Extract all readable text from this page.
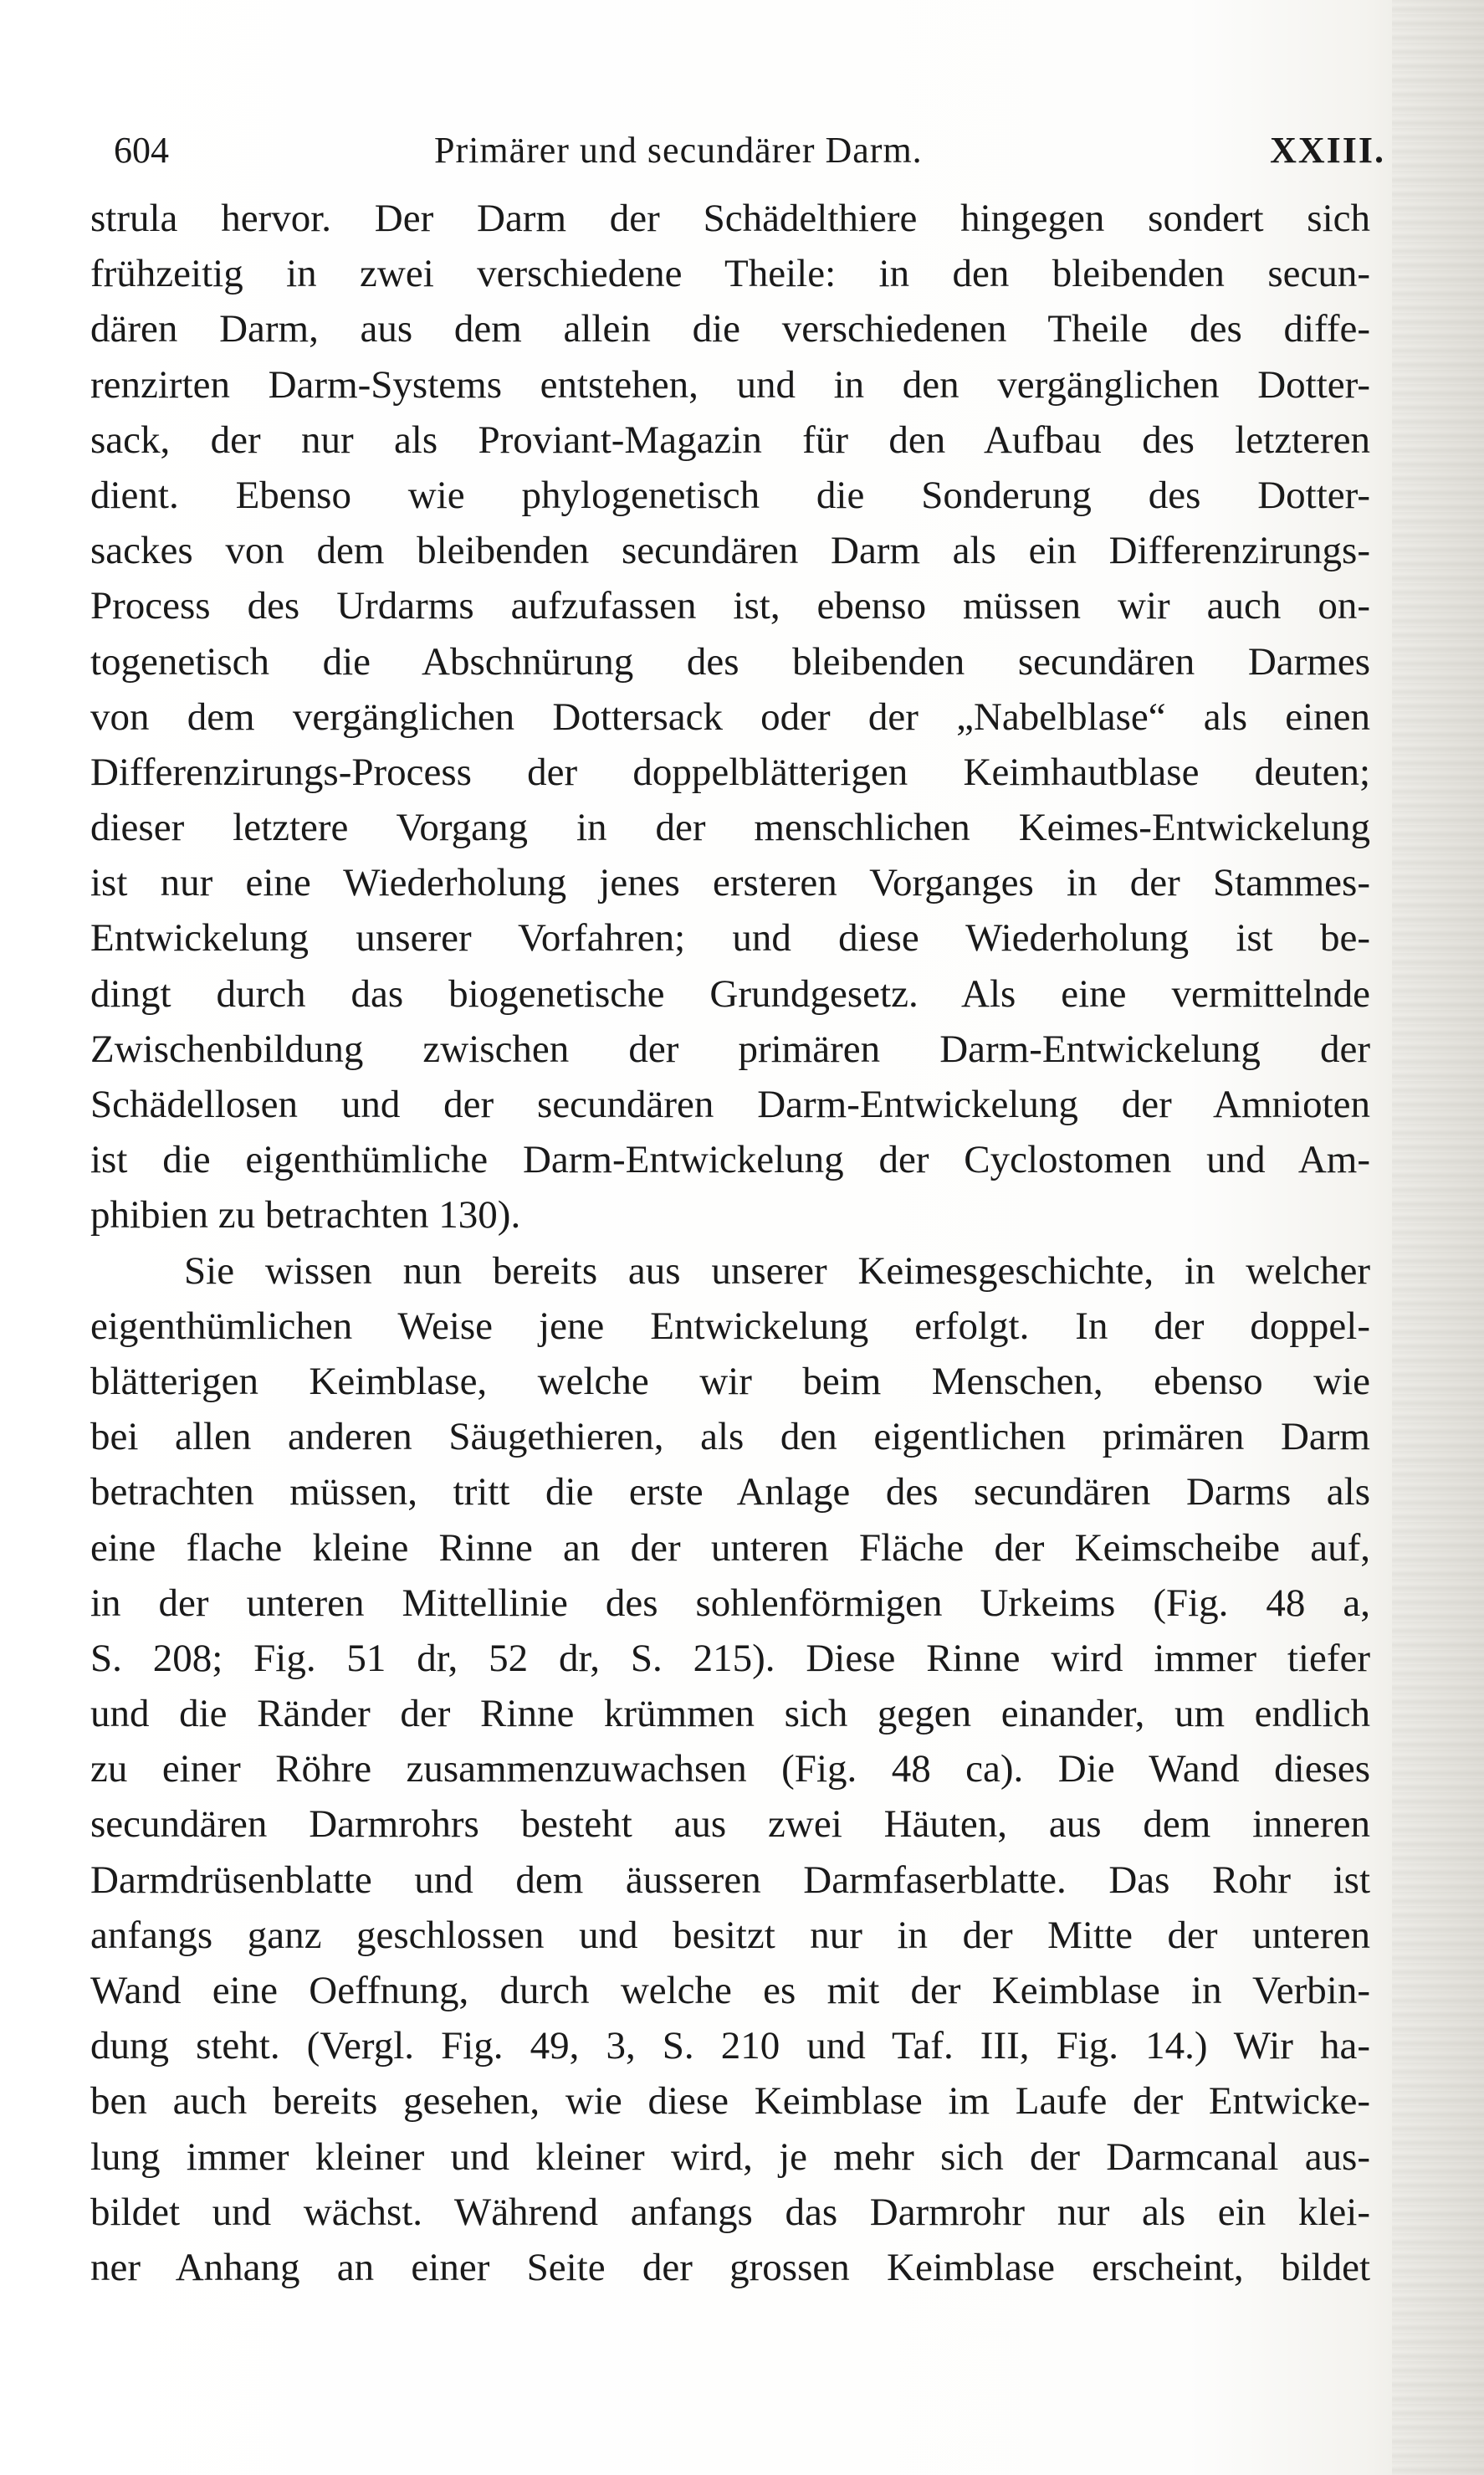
604	Primärer und secundärer Darm.	XXIII.
strula hervor. Der Darm der Schädelthiere hingegen sondert sich
frühzeitig in zwei verschiedene Theile: in den bleibenden secun-
dären Darm, aus dem allein die verschiedenen Theile des diffe-
renzirten Darm-Systems entstehen, und in den vergänglichen Dotter-
sack, der nur als Proviant-Magazin für den Aufbau des letzteren
dient. Ebenso wie phylogenetisch die Sonderung des Dotter-
sackes von dem bleibenden secundären Darm als ein Differenzirungs-
Process des Urdarms aufzufassen ist, ebenso müssen wir auch on-
togenetisch die Abschnürung des bleibenden secundären Darmes
von dem vergänglichen Dottersack oder der „Nabelblase“ als einen
Differenzirungs-Process der doppelblätterigen Keimhautblase deuten;
dieser letztere Vorgang in der menschlichen Keimes-Entwickelung
ist nur eine Wiederholung jenes ersteren Vorganges in der Stammes-
Entwickelung unserer Vorfahren; und diese Wiederholung ist be-
dingt durch das biogenetische Grundgesetz. Als eine vermittelnde
Zwischenbildung zwischen der primären Darm-Entwickelung der
Schädellosen und der secundären Darm-Entwickelung der Amnioten
ist die eigenthümliche Darm-Entwickelung der Cyclostomen und Am-
phibien zu betrachten 130).
Sie wissen nun bereits aus unserer Keimesgeschichte, in welcher
eigenthümlichen Weise jene Entwickelung erfolgt. In der doppel-
blätterigen Keimblase, welche wir beim Menschen, ebenso wie
bei allen anderen Säugethieren, als den eigentlichen primären Darm
betrachten müssen, tritt die erste Anlage des secundären Darms als
eine flache kleine Rinne an der unteren Fläche der Keimscheibe auf,
in der unteren Mittellinie des sohlenförmigen Urkeims (Fig. 48 a,
S. 208; Fig. 51 dr, 52 dr, S. 215). Diese Rinne wird immer tiefer
und die Ränder der Rinne krümmen sich gegen einander, um endlich
zu einer Röhre zusammenzuwachsen (Fig. 48 ca). Die Wand dieses
secundären Darmrohrs besteht aus zwei Häuten, aus dem inneren
Darmdrüsenblatte und dem äusseren Darmfaserblatte. Das Rohr ist
anfangs ganz geschlossen und besitzt nur in der Mitte der unteren
Wand eine Oeffnung, durch welche es mit der Keimblase in Verbin-
dung steht. (Vergl. Fig. 49, 3, S. 210 und Taf. III, Fig. 14.) Wir ha-
ben auch bereits gesehen, wie diese Keimblase im Laufe der Entwicke-
lung immer kleiner und kleiner wird, je mehr sich der Darmcanal aus-
bildet und wächst. Während anfangs das Darmrohr nur als ein klei-
ner Anhang an einer Seite der grossen Keimblase erscheint, bildet
